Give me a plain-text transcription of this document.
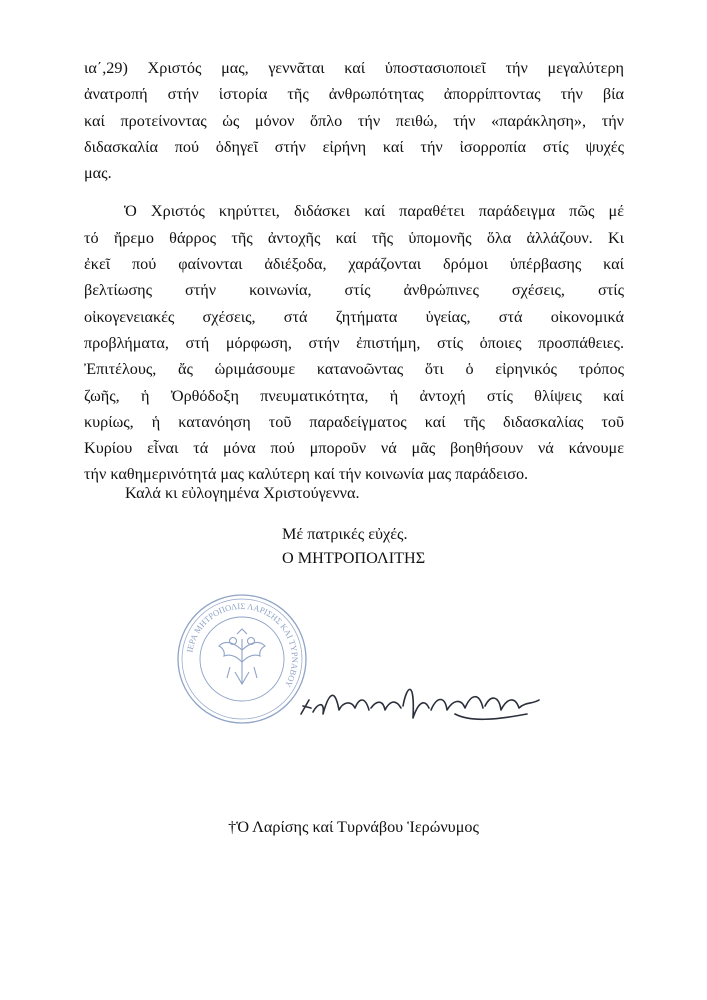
ια΄,29) Χριστός μας, γεννᾶται καί ὑποστασιοποιεῖ τήν μεγαλύτερη
ἀνατροπή στήν ἱστορία τῆς ἀνθρωπότητας ἀπορρίπτοντας τήν βία
καί προτείνοντας ὡς μόνον ὅπλο τήν πειθώ, τήν «παράκληση», τήν
διδασκαλία πού ὁδηγεῖ στήν εἰρήνη καί τήν ἰσορροπία στίς ψυχές
μας.

Ὁ Χριστός κηρύττει, διδάσκει καί παραθέτει παράδειγμα πῶς μέ
τό ἤρεμο θάρρος τῆς ἀντοχῆς καί τῆς ὑπομονῆς ὅλα ἀλλάζουν. Κι
ἐκεῖ πού φαίνονται ἀδιέξοδα, χαράζονται δρόμοι ὑπέρβασης καί
βελτίωσης στήν κοινωνία, στίς ἀνθρώπινες σχέσεις, στίς
οἰκογενειακές σχέσεις, στά ζητήματα ὑγείας, στά οἰκονομικά
προβλήματα, στή μόρφωση, στήν ἐπιστήμη, στίς ὁποιες προσπάθειες.
Ἐπιτέλους, ἄς ὡριμάσουμε κατανοῶντας ὅτι ὁ εἰρηνικός τρόπος
ζωῆς, ἡ Ὀρθόδοξη πνευματικότητα, ἡ ἀντοχή στίς θλίψεις καί
κυρίως, ἡ κατανόηση τοῦ παραδείγματος καί τῆς διδασκαλίας τοῦ
Κυρίου εἶναι τά μόνα πού μποροῦν νά μᾶς βοηθήσουν νά κάνουμε
τήν καθημερινότητά μας καλύτερη καί τήν κοινωνία μας παράδεισο.

Καλά κι εὐλογημένα Χριστούγεννα.
Μέ πατρικές εὐχές.
Ο ΜΗΤΡΟΠΟΛΙΤΗΣ
ΙΕΡΑ ΜΗΤΡΟΠΟΛΙΣ ΛΑΡΙΣΗΣ ΚΑΙ ΤΥΡΝΑΒΟΥ
†Ὁ Λαρίσης καί Τυρνάβου Ἱερώνυμος
